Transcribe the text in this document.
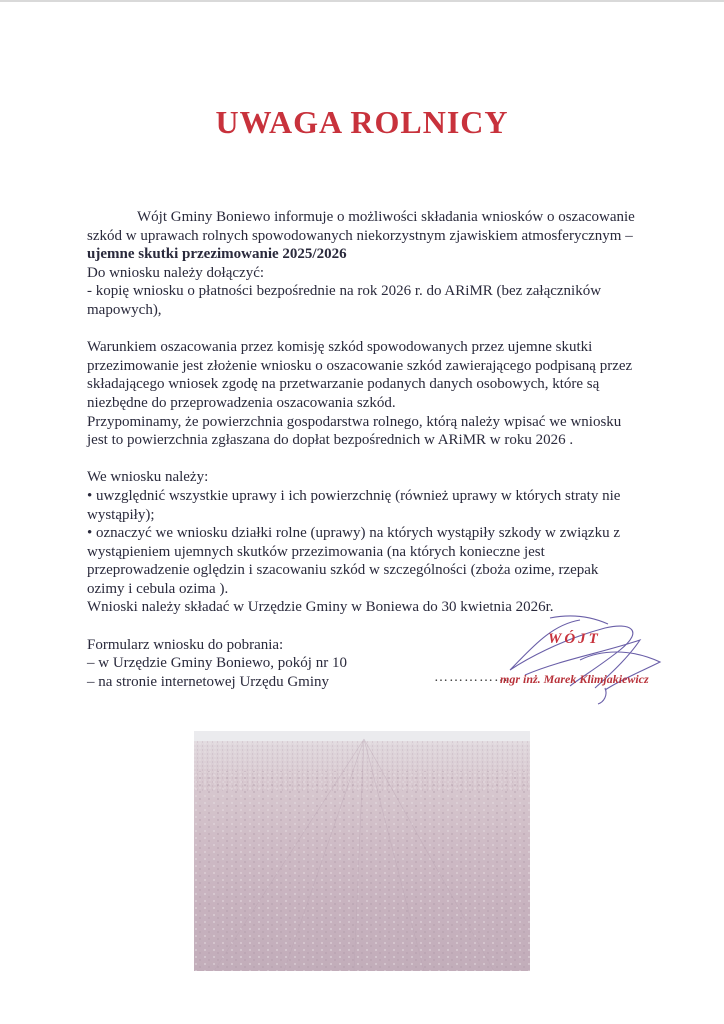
UWAGA ROLNICY

Wójt Gminy Boniewo informuje o możliwości składania wniosków o oszacowanie szkód w uprawach rolnych spowodowanych niekorzystnym zjawiskiem atmosferycznym – ujemne skutki przezimowanie 2025/2026

Do wniosku należy dołączyć:

- kopię wniosku o płatności bezpośrednie na rok 2026 r. do ARiMR (bez załączników mapowych),

Warunkiem oszacowania przez komisję szkód spowodowanych przez ujemne skutki przezimowanie jest złożenie wniosku o oszacowanie szkód zawierającego podpisaną przez składającego wniosek zgodę na przetwarzanie podanych danych osobowych, które są niezbędne do przeprowadzenia oszacowania szkód.

Przypominamy, że powierzchnia gospodarstwa rolnego, którą należy wpisać we wniosku jest to powierzchnia zgłaszana do dopłat bezpośrednich w ARiMR w roku 2026 .

We wniosku należy:

• uwzględnić wszystkie uprawy i ich powierzchnię (również uprawy w których straty nie wystąpiły);

• oznaczyć we wniosku działki rolne (uprawy) na których wystąpiły szkody w związku z wystąpieniem ujemnych skutków przezimowania (na których konieczne jest przeprowadzenie oględzin i szacowaniu szkód w szczególności (zboża ozime, rzepak ozimy i cebula ozima ).

Wnioski należy składać w Urzędzie Gminy w Boniewa do 30 kwietnia 2026r.

Formularz wniosku do pobrania:

– w Urzędzie Gminy Boniewo, pokój nr 10

– na stronie internetowej Urzędu Gminy

WÓJT
……………
mgr inż. Marek Klimjakiewicz
